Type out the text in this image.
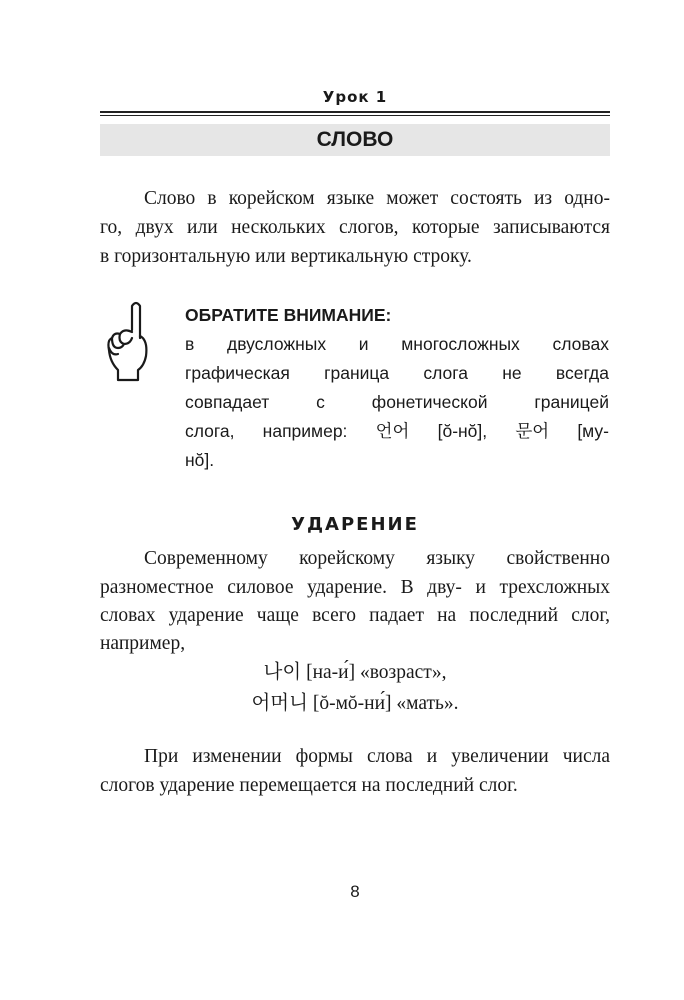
Урок 1
СЛОВО
Слово в корейском языке может состоять из одно-
го, двух или нескольких слогов, которые записываются
в горизонтальную или вертикальную строку.
ОБРАТИТЕ ВНИМАНИЕ:
в двусложных и многосложных словах
графическая граница слога не всегда
совпадает с фонетической границей
слога, например: 언어 [ŏ-нŏ], 문어 [му-
нŏ].
УДАРЕНИЕ
Современному корейскому языку свойственно
разноместное силовое ударение. В дву- и трехсложных
словах ударение чаще всего падает на последний слог,
например,
나이 [на-и́] «возраст»,
어머니 [ŏ-мŏ-ни́] «мать».
При изменении формы слова и увеличении числа
слогов ударение перемещается на последний слог.
8
